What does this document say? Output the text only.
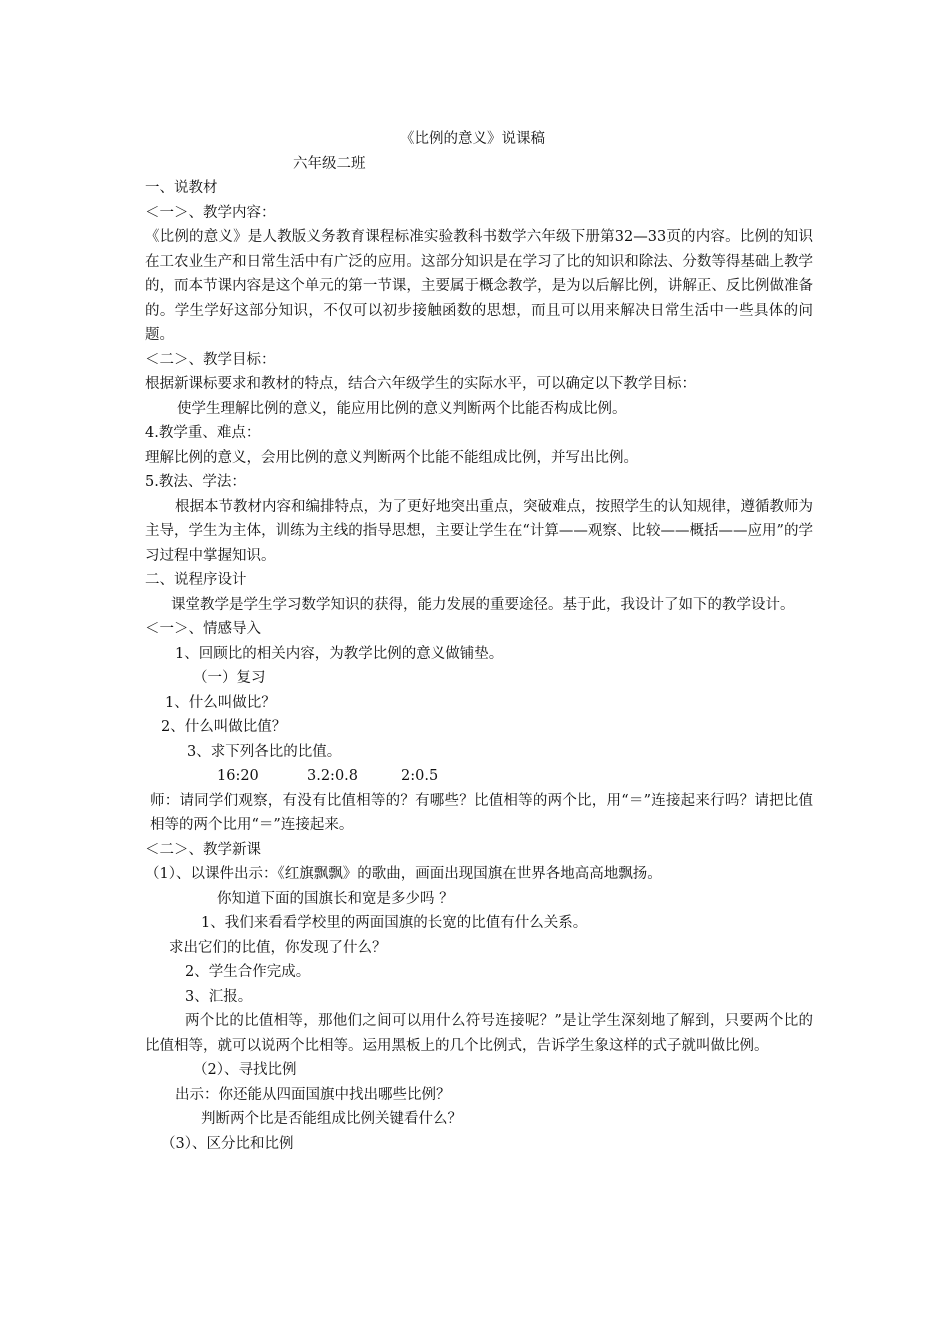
《比例的意义》说课稿
六年级二班
一、说教材
＜一＞、教学内容：
《比例的意义》是人教版义务教育课程标准实验教科书数学六年级下册第32—33页的内容。比例的知识在工农业生产和日常生活中有广泛的应用。这部分知识是在学习了比的知识和除法、分数等得基础上教学的，而本节课内容是这个单元的第一节课，主要属于概念教学，是为以后解比例，讲解正、反比例做准备的。学生学好这部分知识，不仅可以初步接触函数的思想，而且可以用来解决日常生活中一些具体的问题。
＜二＞、教学目标：
根据新课标要求和教材的特点，结合六年级学生的实际水平，可以确定以下教学目标：
使学生理解比例的意义，能应用比例的意义判断两个比能否构成比例。
4.教学重、难点：
理解比例的意义，会用比例的意义判断两个比能不能组成比例，并写出比例。
5.教法、学法：
根据本节教材内容和编排特点，为了更好地突出重点，突破难点，按照学生的认知规律，遵循教师为主导，学生为主体，训练为主线的指导思想，主要让学生在“计算——观察、比较——概括——应用”的学习过程中掌握知识。
二、说程序设计
课堂教学是学生学习数学知识的获得，能力发展的重要途径。基于此，我设计了如下的教学设计。
＜一＞、情感导入
1、回顾比的相关内容，为教学比例的意义做铺垫。
（一）复习
1、什么叫做比？
2、什么叫做比值？
3、求下列各比的比值。
16:20	3.2:0.8	2:0.5
师：请同学们观察，有没有比值相等的？有哪些？比值相等的两个比，用“＝”连接起来行吗？请把比值相等的两个比用“＝”连接起来。
＜二＞、教学新课
（1）、以课件出示：《红旗飘飘》的歌曲，画面出现国旗在世界各地高高地飘扬。
你知道下面的国旗长和宽是多少吗 ？
1、我们来看看学校里的两面国旗的长宽的比值有什么关系。
求出它们的比值，你发现了什么？
2、学生合作完成。
3、汇报。
两个比的比值相等，那他们之间可以用什么符号连接呢？”是让学生深刻地了解到，只要两个比的比值相等，就可以说两个比相等。运用黑板上的几个比例式，告诉学生象这样的式子就叫做比例。
（2）、寻找比例
出示：你还能从四面国旗中找出哪些比例？
判断两个比是否能组成比例关键看什么？
（3）、区分比和比例
